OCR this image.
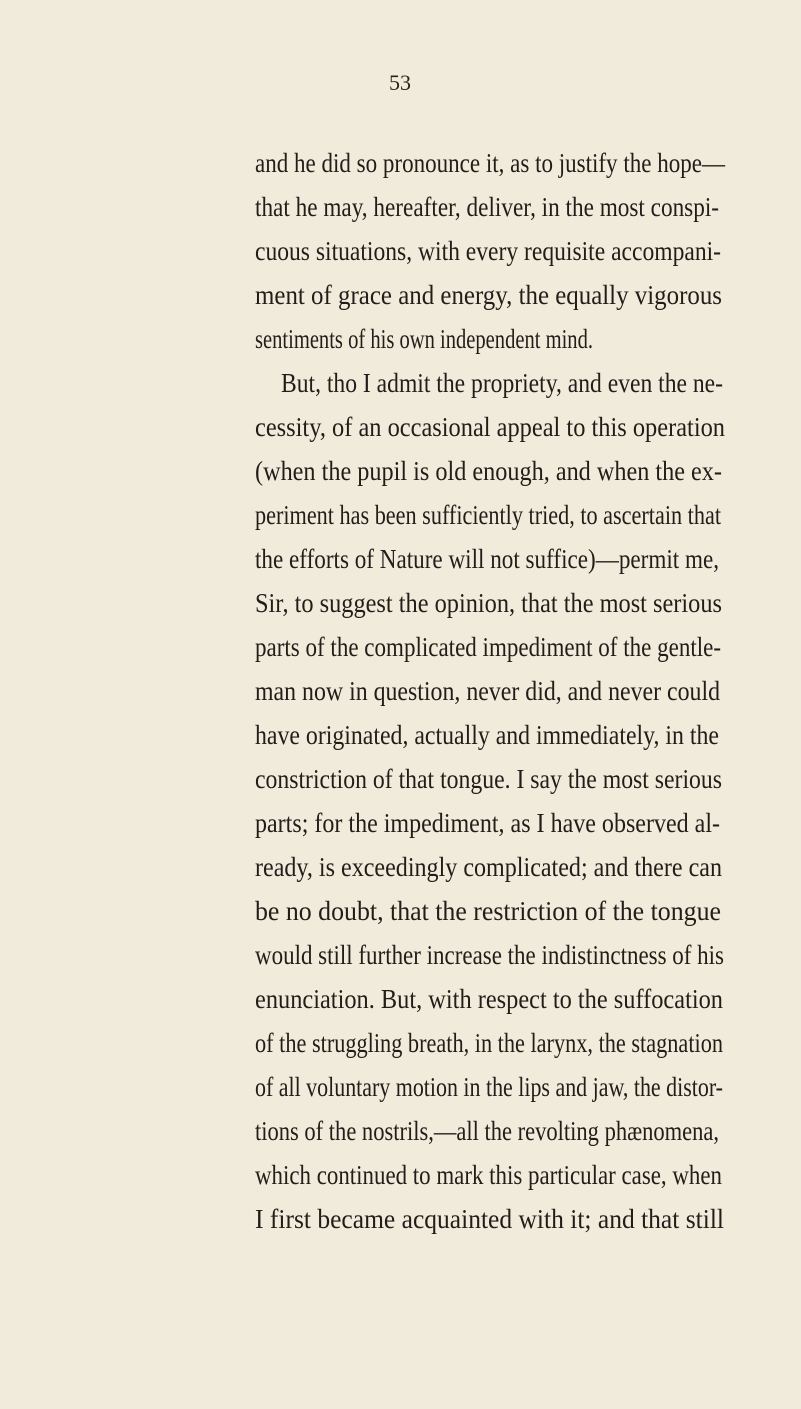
53
and he did so pronounce it, as to justify the hope—
that he may, hereafter, deliver, in the most conspi-
cuous situations, with every requisite accompani-
ment of grace and energy, the equally vigorous
sentiments of his own independent mind.
But, tho I admit the propriety, and even the ne-
cessity, of an occasional appeal to this operation
(when the pupil is old enough, and when the ex-
periment has been sufficiently tried, to ascertain that
the efforts of Nature will not suffice)—permit me,
Sir, to suggest the opinion, that the most serious
parts of the complicated impediment of the gentle-
man now in question, never did, and never could
have originated, actually and immediately, in the
constriction of that tongue. I say the most serious
parts; for the impediment, as I have observed al-
ready, is exceedingly complicated; and there can
be no doubt, that the restriction of the tongue
would still further increase the indistinctness of his
enunciation. But, with respect to the suffocation
of the struggling breath, in the larynx, the stagnation
of all voluntary motion in the lips and jaw, the distor-
tions of the nostrils,—all the revolting phænomena,
which continued to mark this particular case, when
I first became acquainted with it; and that still
